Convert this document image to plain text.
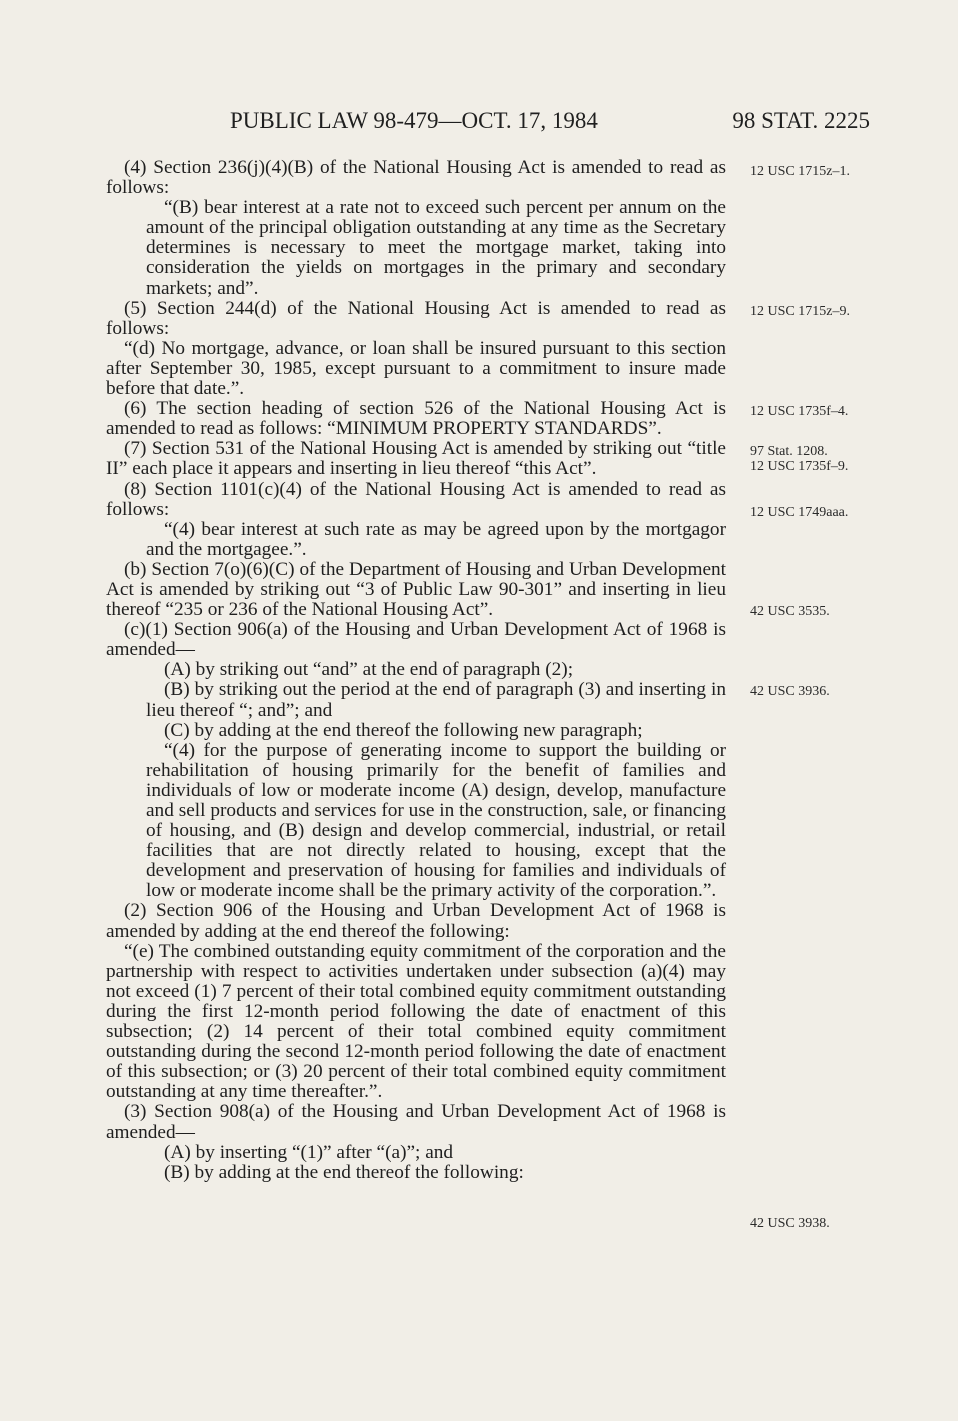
PUBLIC LAW 98-479—OCT. 17, 1984	98 STAT. 2225

(4) Section 236(j)(4)(B) of the National Housing Act is amended to read as follows:

“(B) bear interest at a rate not to exceed such percent per annum on the amount of the principal obligation outstanding at any time as the Secretary determines is necessary to meet the mortgage market, taking into consideration the yields on mortgages in the primary and secondary markets; and”.

(5) Section 244(d) of the National Housing Act is amended to read as follows:

“(d) No mortgage, advance, or loan shall be insured pursuant to this section after September 30, 1985, except pursuant to a commitment to insure made before that date.”.

(6) The section heading of section 526 of the National Housing Act is amended to read as follows: “MINIMUM PROPERTY STANDARDS”.

(7) Section 531 of the National Housing Act is amended by striking out “title II” each place it appears and inserting in lieu thereof “this Act”.

(8) Section 1101(c)(4) of the National Housing Act is amended to read as follows:

“(4) bear interest at such rate as may be agreed upon by the mortgagor and the mortgagee.”.

(b) Section 7(o)(6)(C) of the Department of Housing and Urban Development Act is amended by striking out “3 of Public Law 90-301” and inserting in lieu thereof “235 or 236 of the National Housing Act”.

(c)(1) Section 906(a) of the Housing and Urban Development Act of 1968 is amended—

(A) by striking out “and” at the end of paragraph (2);

(B) by striking out the period at the end of paragraph (3) and inserting in lieu thereof “; and”; and

(C) by adding at the end thereof the following new paragraph;

“(4) for the purpose of generating income to support the building or rehabilitation of housing primarily for the benefit of families and individuals of low or moderate income (A) design, develop, manufacture and sell products and services for use in the construction, sale, or financing of housing, and (B) design and develop commercial, industrial, or retail facilities that are not directly related to housing, except that the development and preservation of housing for families and individuals of low or moderate income shall be the primary activity of the corporation.”.

(2) Section 906 of the Housing and Urban Development Act of 1968 is amended by adding at the end thereof the following:

“(e) The combined outstanding equity commitment of the corporation and the partnership with respect to activities undertaken under subsection (a)(4) may not exceed (1) 7 percent of their total combined equity commitment outstanding during the first 12-month period following the date of enactment of this subsection; (2) 14 percent of their total combined equity commitment outstanding during the second 12-month period following the date of enactment of this subsection; or (3) 20 percent of their total combined equity commitment outstanding at any time thereafter.”.

(3) Section 908(a) of the Housing and Urban Development Act of 1968 is amended—

(A) by inserting “(1)” after “(a)”; and

(B) by adding at the end thereof the following:

12 USC 1715z–1.
12 USC 1715z–9.
12 USC 1735f–4.
97 Stat. 1208.
12 USC 1735f–9.
12 USC 1749aaa.
42 USC 3535.
42 USC 3936.
42 USC 3938.
